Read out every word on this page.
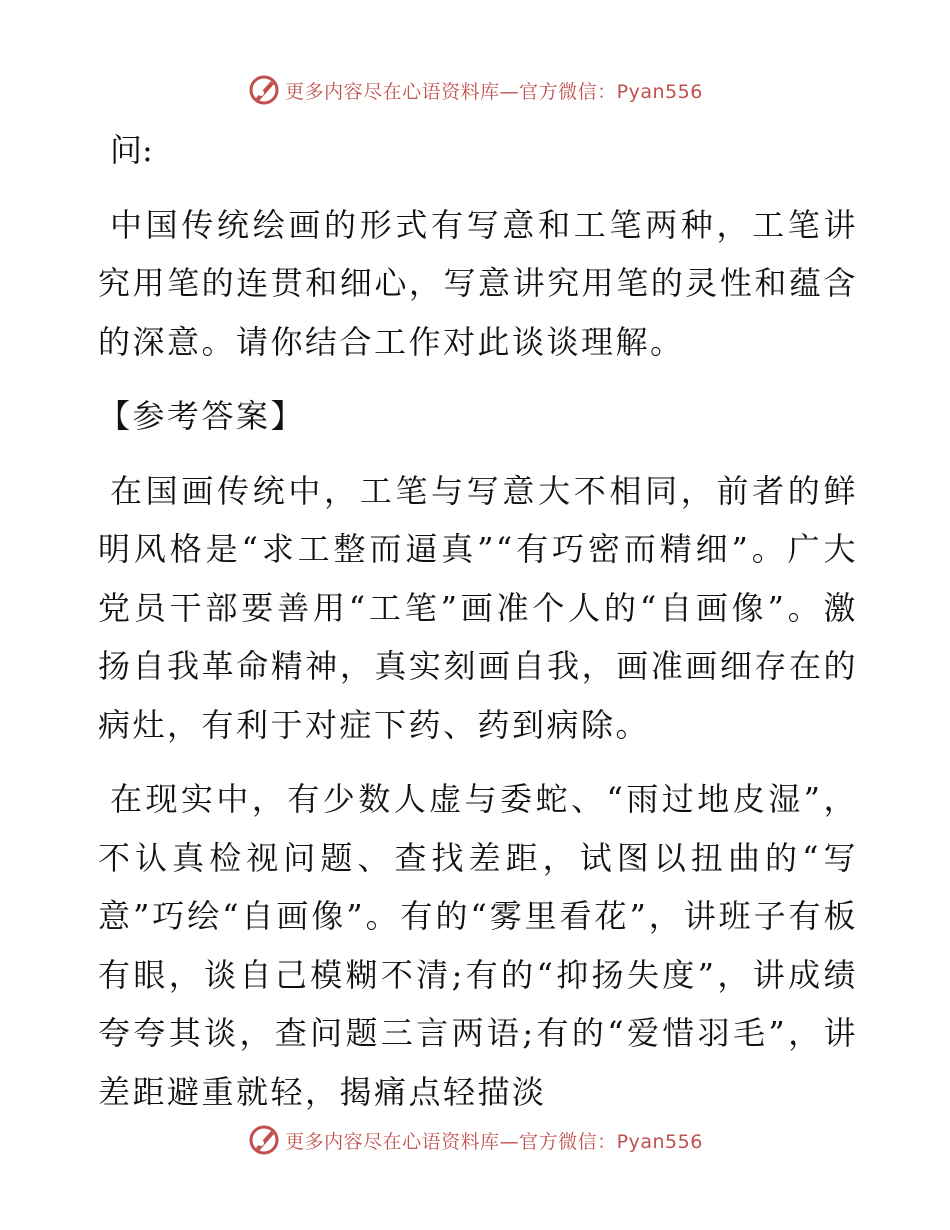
更多内容尽在心语资料库—官方微信：Pyan556

问:

中国传统绘画的形式有写意和工笔两种，工笔讲究用笔的连贯和细心，写意讲究用笔的灵性和蕴含的深意。请你结合工作对此谈谈理解。

【参考答案】

在国画传统中，工笔与写意大不相同，前者的鲜明风格是“求工整而逼真”“有巧密而精细”。广大党员干部要善用“工笔”画准个人的“自画像”。激扬自我革命精神，真实刻画自我，画准画细存在的病灶，有利于对症下药、药到病除。

在现实中，有少数人虚与委蛇、“雨过地皮湿”，不认真检视问题、查找差距，试图以扭曲的“写意”巧绘“自画像”。有的“雾里看花”，讲班子有板有眼，谈自己模糊不清;有的“抑扬失度”，讲成绩夸夸其谈，查问题三言两语;有的“爱惜羽毛”，讲差距避重就轻，揭痛点轻描淡

更多内容尽在心语资料库—官方微信：Pyan556
